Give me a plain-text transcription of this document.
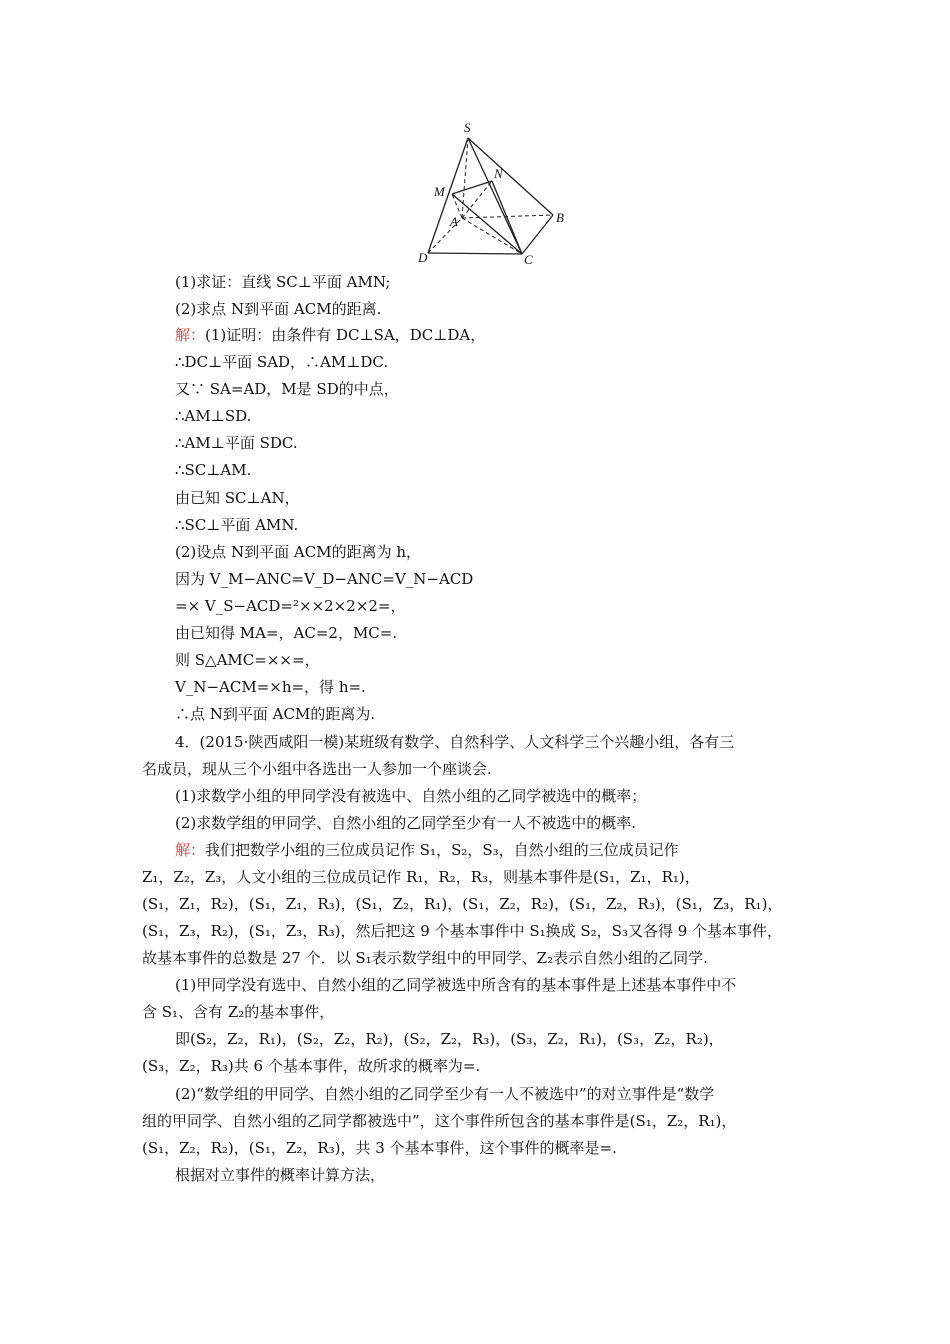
S
M
N
A	B
C
D
(1)求证：直线 SC⊥平面 AMN;
(2)求点 N到平面 ACM的距离.
解：(1)证明：由条件有 DC⊥SA，DC⊥DA，
∴DC⊥平面 SAD，∴AM⊥DC.
又∵ SA=AD，M是 SD的中点，
∴AM⊥SD.
∴AM⊥平面 SDC.
∴SC⊥AM.
由已知 SC⊥AN，
∴SC⊥平面 AMN.
(2)设点 N到平面 ACM的距离为 h，
因为 V_M−ANC=V_D−ANC=V_N−ACD
=× V_S−ACD=²××2×2×2=，
由已知得 MA=，AC=2，MC=.
则 S△AMC=××=，
V_N−ACM=×h=，得 h=.
∴点 N到平面 ACM的距离为.
4．(2015·陕西咸阳一模)某班级有数学、自然科学、人文科学三个兴趣小组，各有三
名成员，现从三个小组中各选出一人参加一个座谈会.
(1)求数学小组的甲同学没有被选中、自然小组的乙同学被选中的概率；
(2)求数学组的甲同学、自然小组的乙同学至少有一人不被选中的概率.
解：我们把数学小组的三位成员记作 S₁，S₂，S₃，自然小组的三位成员记作
Z₁，Z₂，Z₃，人文小组的三位成员记作 R₁，R₂，R₃，则基本事件是(S₁，Z₁，R₁)，
(S₁，Z₁，R₂)，(S₁，Z₁，R₃)，(S₁，Z₂，R₁)，(S₁，Z₂，R₂)，(S₁，Z₂，R₃)，(S₁，Z₃，R₁)，
(S₁，Z₃，R₂)，(S₁，Z₃，R₃)，然后把这 9 个基本事件中 S₁换成 S₂，S₃又各得 9 个基本事件，
故基本事件的总数是 27 个．以 S₁表示数学组中的甲同学、Z₂表示自然小组的乙同学.
(1)甲同学没有选中、自然小组的乙同学被选中所含有的基本事件是上述基本事件中不
含 S₁、含有 Z₂的基本事件，
即(S₂，Z₂，R₁)，(S₂，Z₂，R₂)，(S₂，Z₂，R₃)，(S₃，Z₂，R₁)，(S₃，Z₂，R₂)，
(S₃，Z₂，R₃)共 6 个基本事件，故所求的概率为=.
(2)“数学组的甲同学、自然小组的乙同学至少有一人不被选中”的对立事件是“数学
组的甲同学、自然小组的乙同学都被选中”，这个事件所包含的基本事件是(S₁，Z₂，R₁)，
(S₁，Z₂，R₂)，(S₁，Z₂，R₃)，共 3 个基本事件，这个事件的概率是=.
根据对立事件的概率计算方法，
